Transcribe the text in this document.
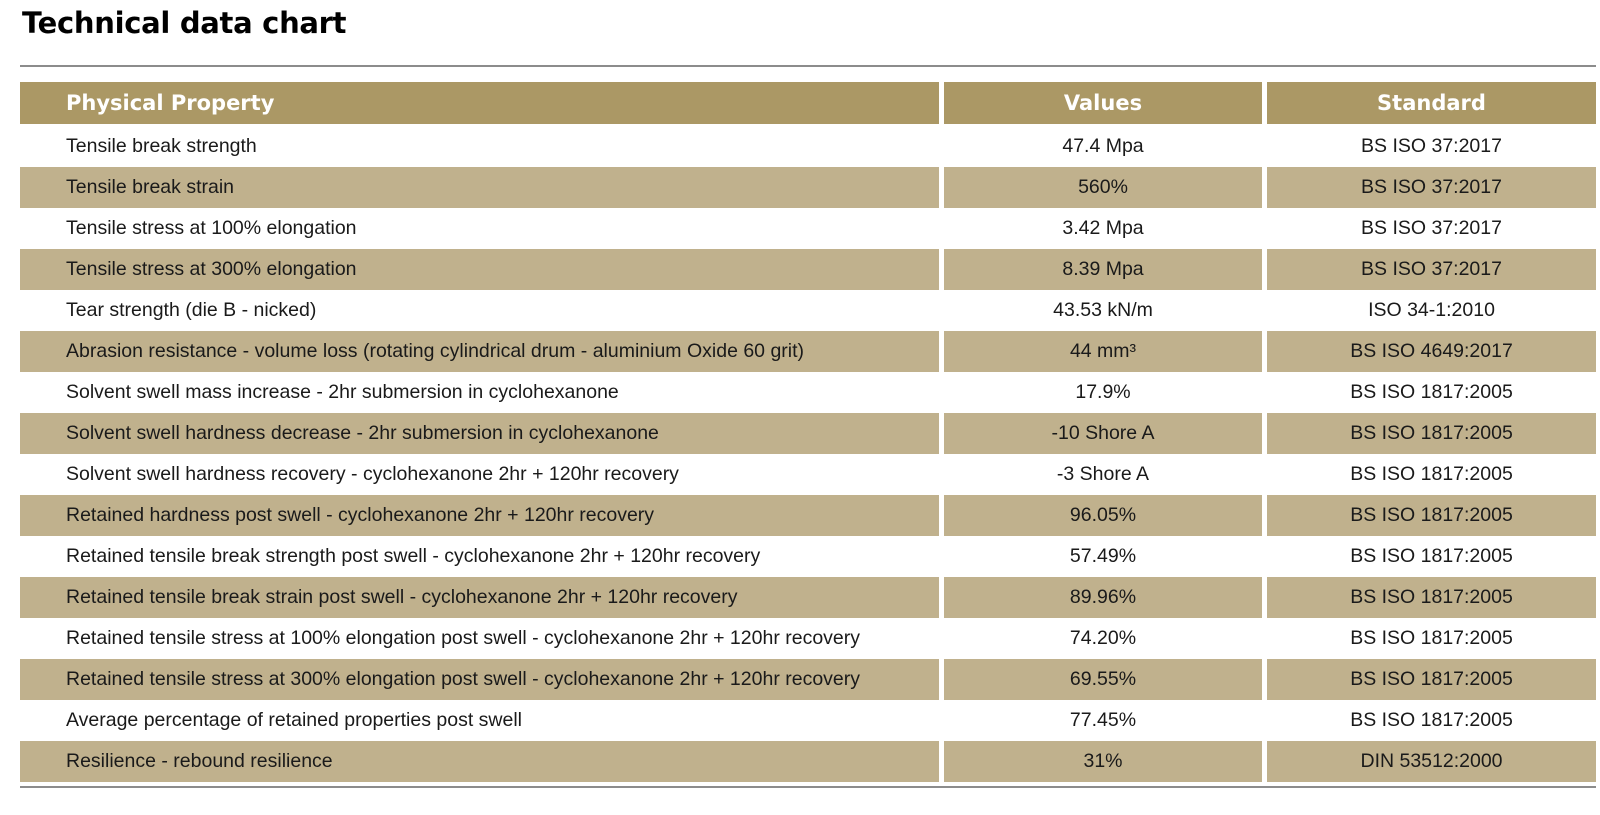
Technical data chart
Physical Property	Values	Standard
Tensile break strength	47.4 Mpa	BS ISO 37:2017
Tensile break strain	560%	BS ISO 37:2017
Tensile stress at 100% elongation	3.42 Mpa	BS ISO 37:2017
Tensile stress at 300% elongation	8.39 Mpa	BS ISO 37:2017
Tear strength (die B - nicked)	43.53 kN/m	ISO 34-1:2010
Abrasion resistance - volume loss (rotating cylindrical drum - aluminium Oxide 60 grit)	44 mm³	BS ISO 4649:2017
Solvent swell mass increase - 2hr submersion in cyclohexanone	17.9%	BS ISO 1817:2005
Solvent swell hardness decrease - 2hr submersion in cyclohexanone	-10 Shore A	BS ISO 1817:2005
Solvent swell hardness recovery - cyclohexanone 2hr + 120hr recovery	-3 Shore A	BS ISO 1817:2005
Retained hardness post swell - cyclohexanone 2hr + 120hr recovery	96.05%	BS ISO 1817:2005
Retained tensile break strength post swell - cyclohexanone 2hr + 120hr recovery	57.49%	BS ISO 1817:2005
Retained tensile break strain post swell - cyclohexanone 2hr + 120hr recovery	89.96%	BS ISO 1817:2005
Retained tensile stress at 100% elongation post swell - cyclohexanone 2hr + 120hr recovery	74.20%	BS ISO 1817:2005
Retained tensile stress at 300% elongation post swell - cyclohexanone 2hr + 120hr recovery	69.55%	BS ISO 1817:2005
Average percentage of retained properties post swell	77.45%	BS ISO 1817:2005
Resilience - rebound resilience	31%	DIN 53512:2000
